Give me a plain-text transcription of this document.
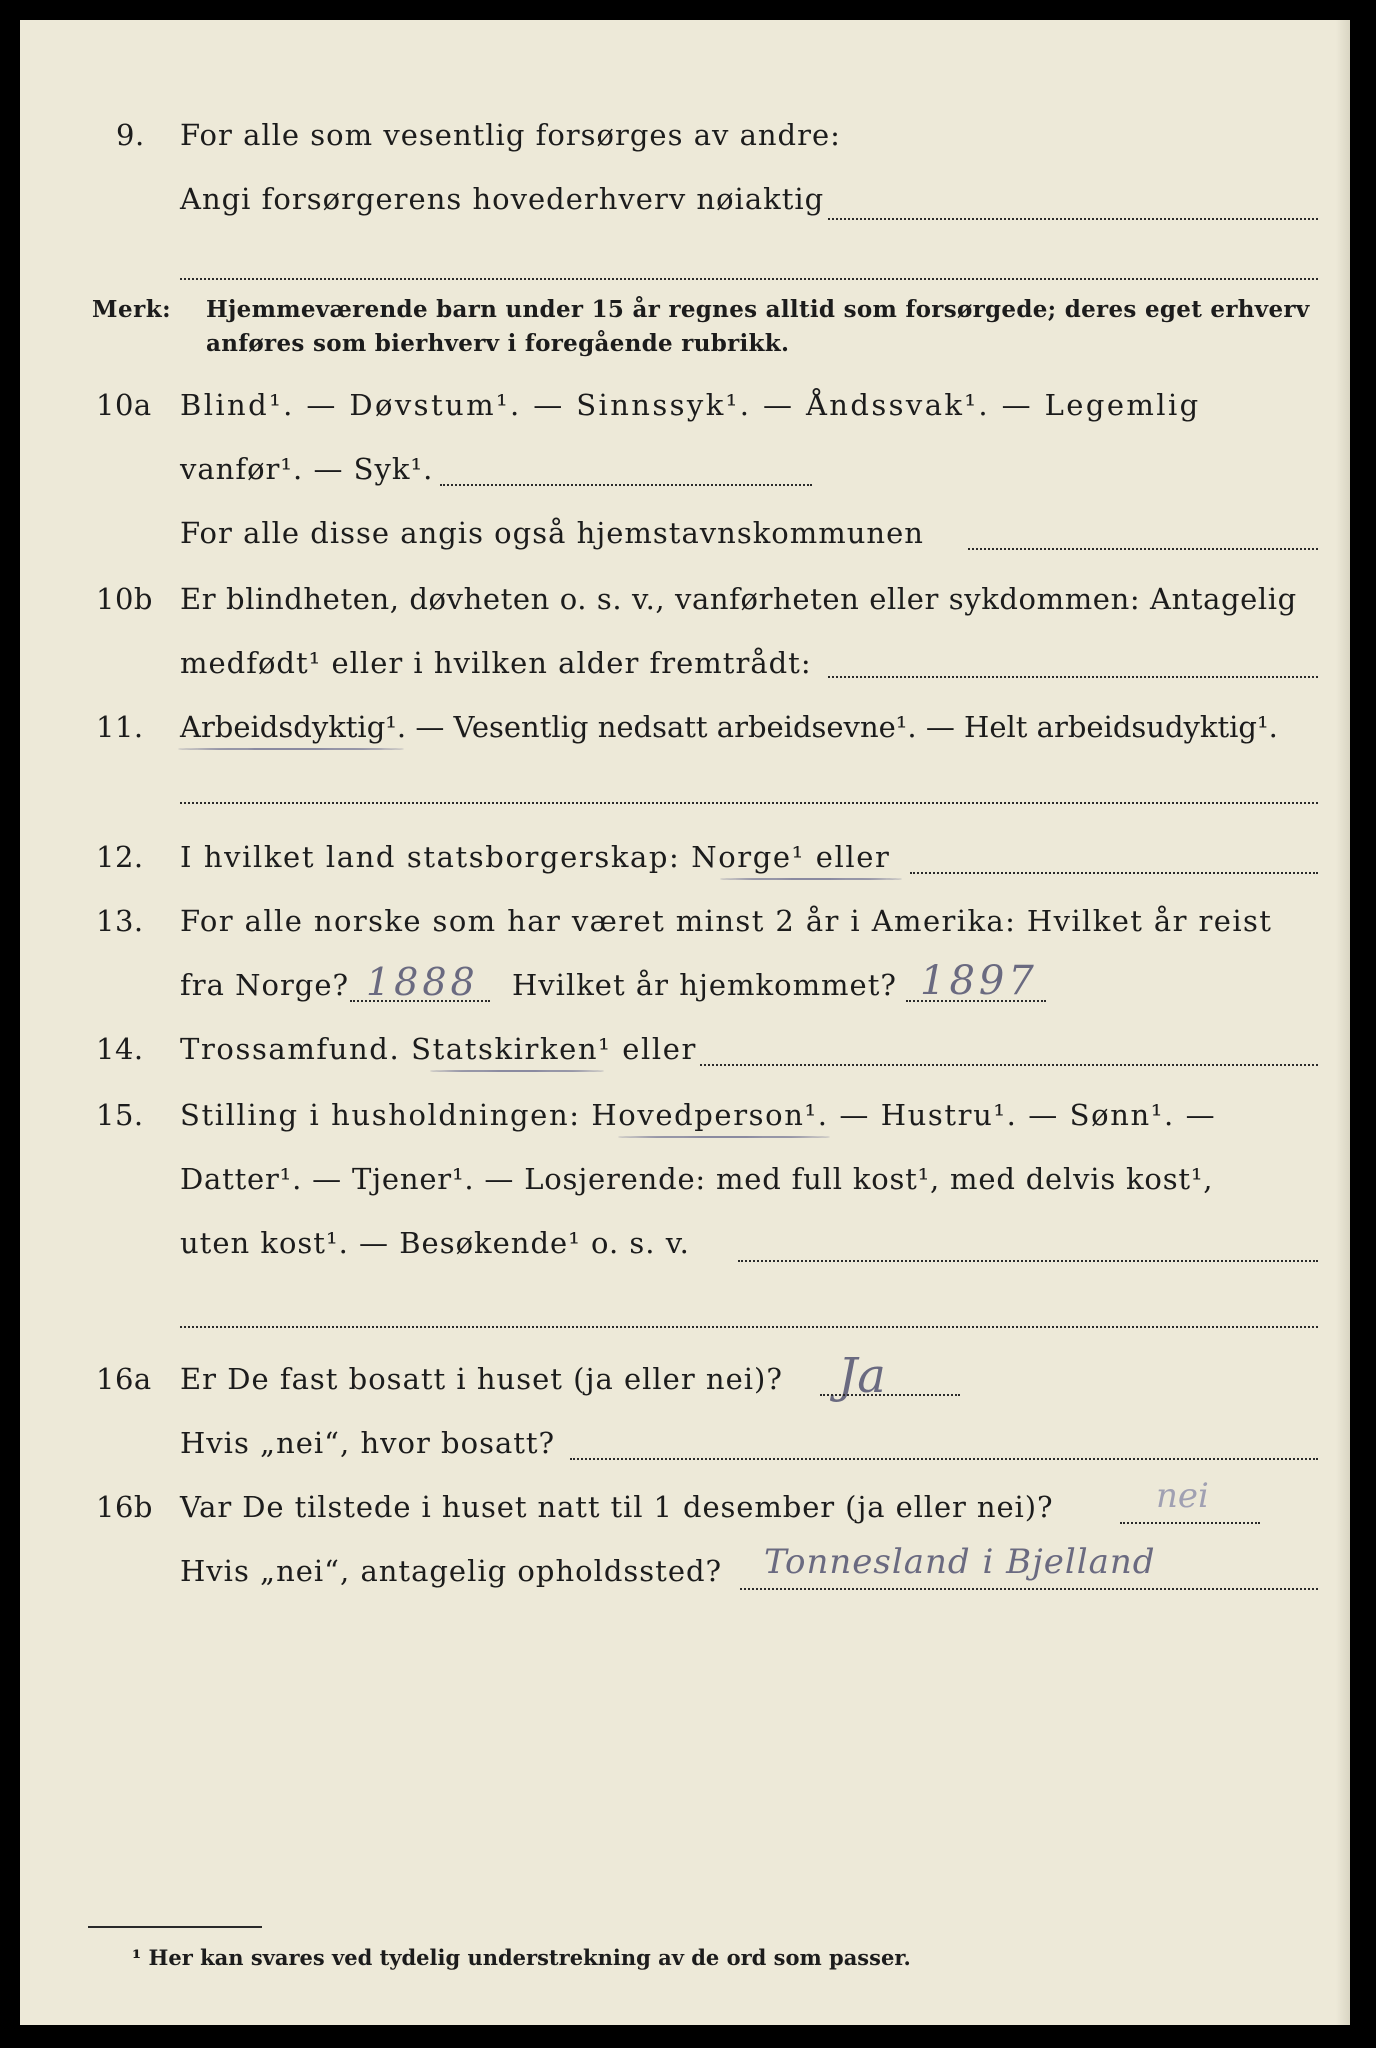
9. For alle som vesentlig forsørges av andre:
Angi forsørgerens hovederhverv nøiaktig
Merk: Hjemmeværende barn under 15 år regnes alltid som forsørgede; deres eget erhverv
anføres som bierhverv i foregående rubrikk.
10a Blind¹. — Døvstum¹. — Sinnssyk¹. — Åndssvak¹. — Legemlig
vanfør¹. — Syk¹.
For alle disse angis også hjemstavnskommunen
10b Er blindheten, døvheten o. s. v., vanførheten eller sykdommen: Antagelig
medfødt¹ eller i hvilken alder fremtrådt:
11. Arbeidsdyktig¹. — Vesentlig nedsatt arbeidsevne¹. — Helt arbeidsudyktig¹.
12. I hvilket land statsborgerskap: Norge¹ eller
13. For alle norske som har været minst 2 år i Amerika: Hvilket år reist
fra Norge? 1888 Hvilket år hjemkommet? 1897
14. Trossamfund. Statskirken¹ eller
15. Stilling i husholdningen: Hovedperson¹. — Hustru¹. — Sønn¹. —
Datter¹. — Tjener¹. — Losjerende: med full kost¹, med delvis kost¹,
uten kost¹. — Besøkende¹ o. s. v.
16a Er De fast bosatt i huset (ja eller nei)? Ja
Hvis „nei“, hvor bosatt?
16b Var De tilstede i huset natt til 1 desember (ja eller nei)?	nei
Hvis „nei“, antagelig opholdssted? Tonnesland i Bjelland
¹ Her kan svares ved tydelig understrekning av de ord som passer.
